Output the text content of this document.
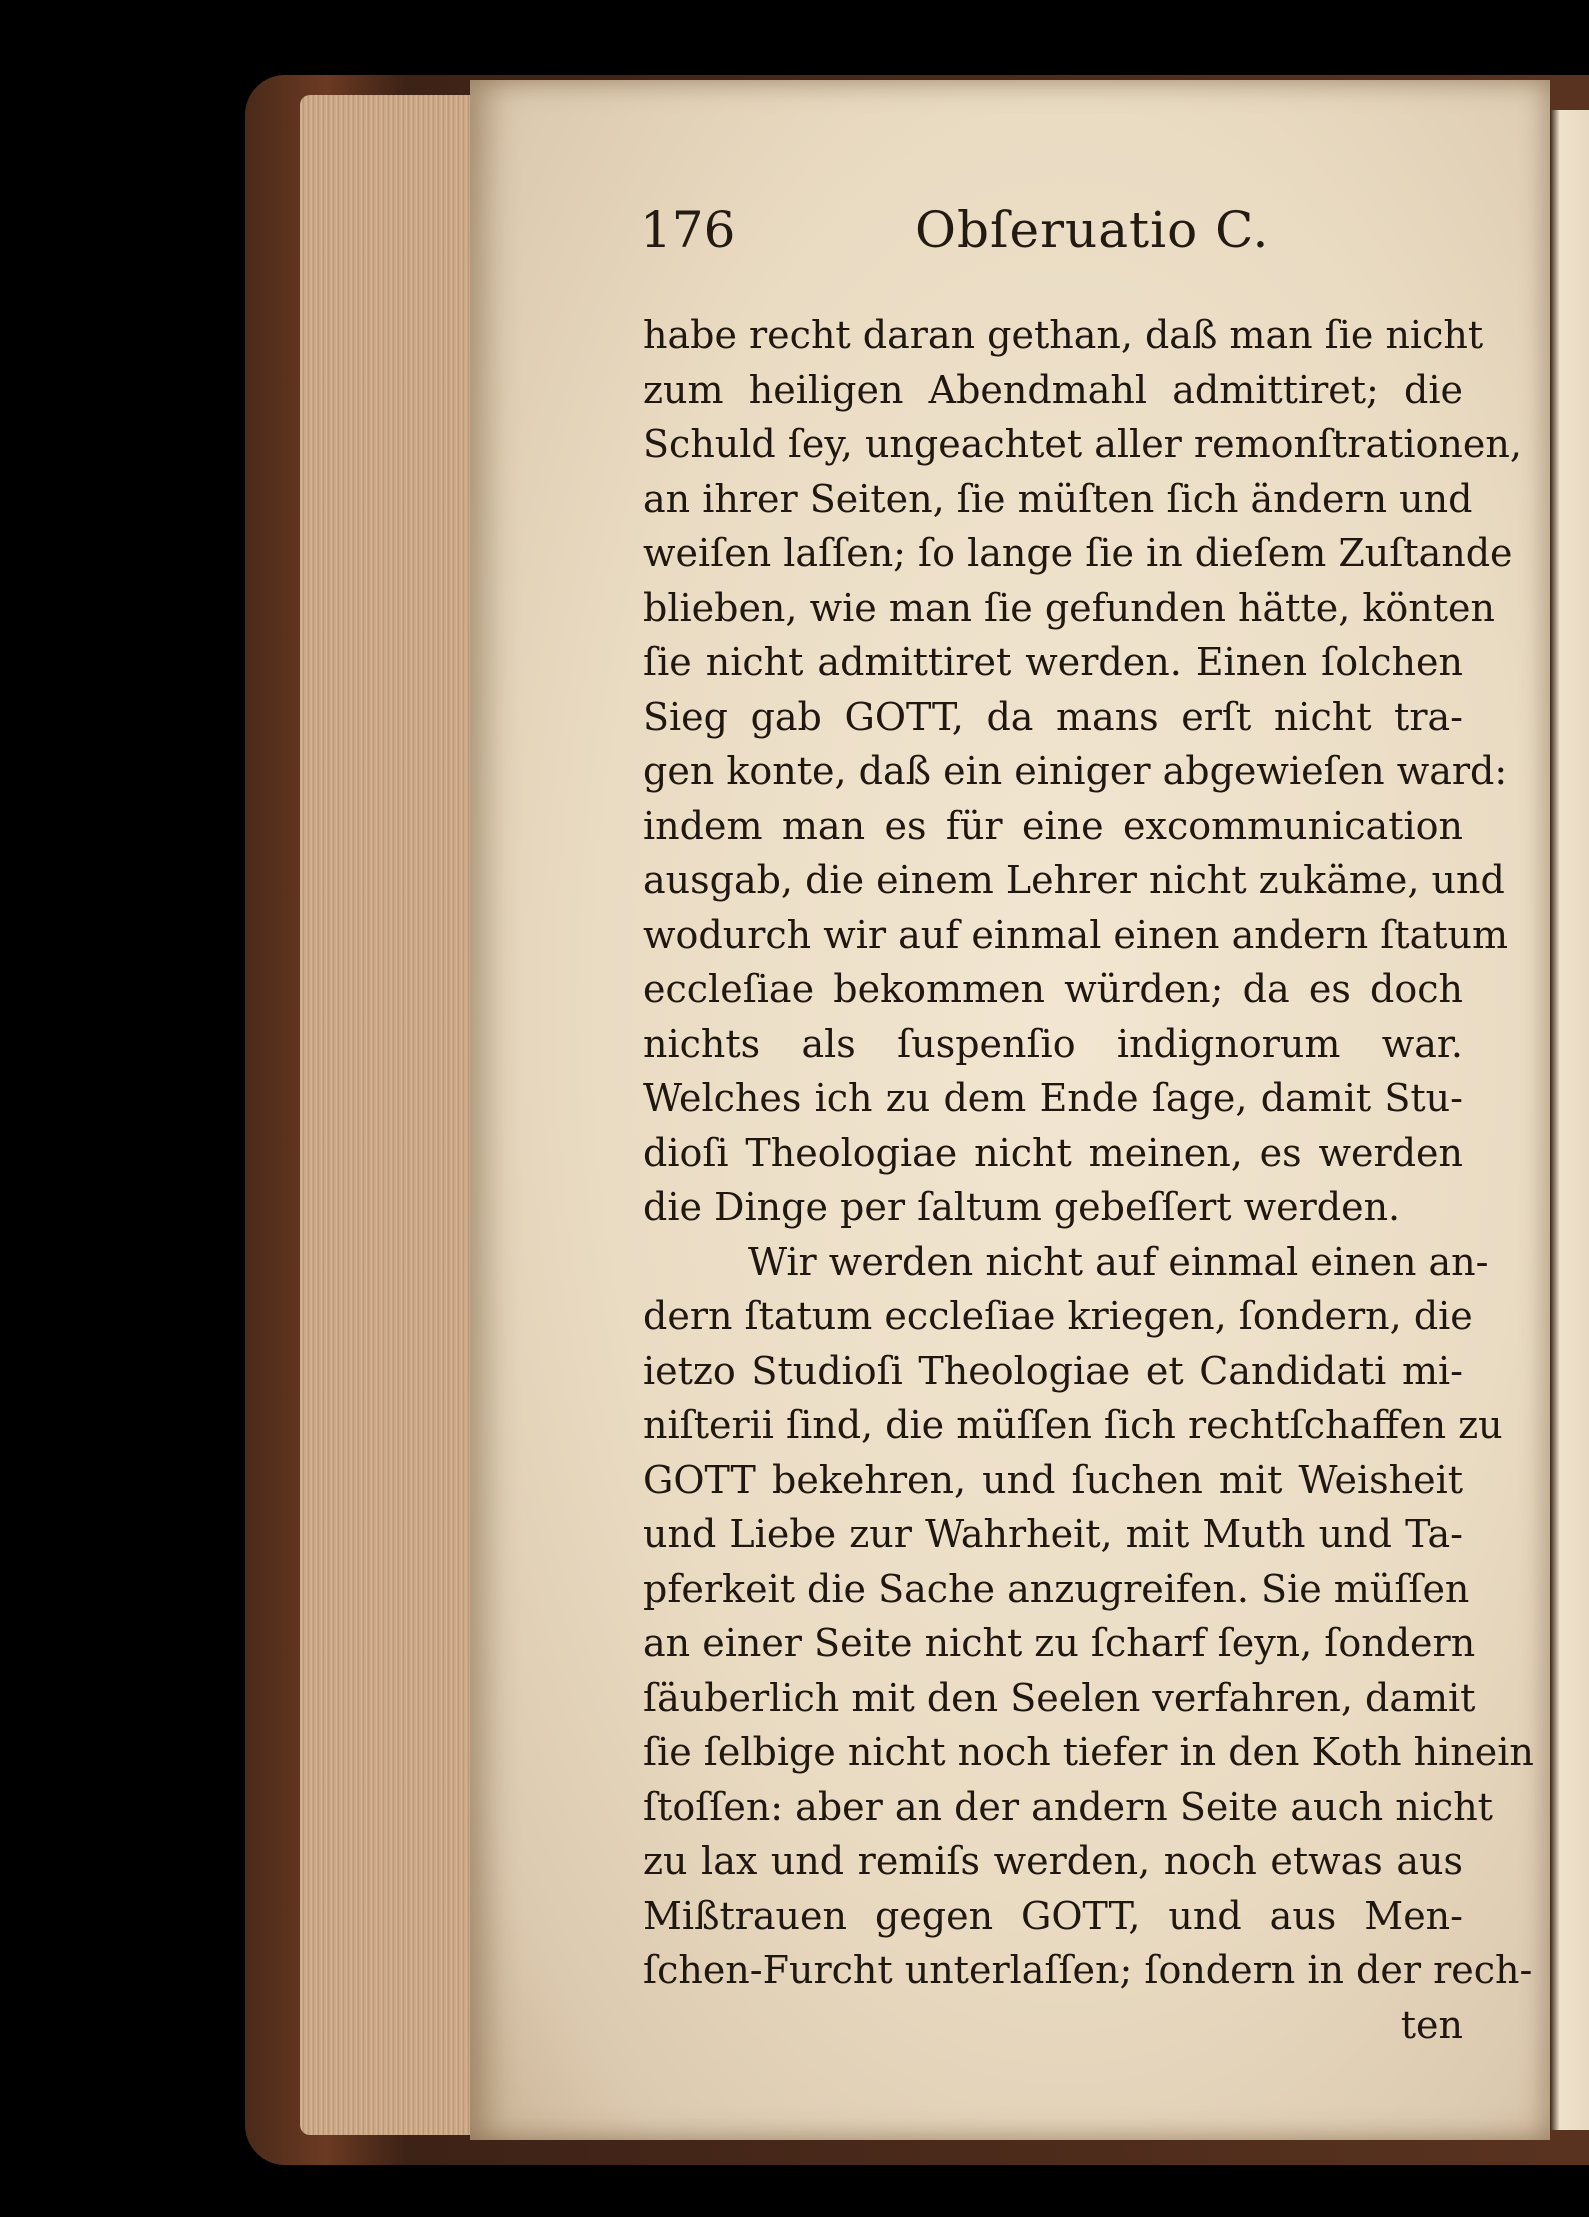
176	Obſeruatio C.
habe recht daran gethan, daß man ſie nicht
zum heiligen Abendmahl admittiret; die
Schuld ſey, ungeachtet aller remonſtrationen,
an ihrer Seiten, ſie müſten ſich ändern und
weiſen laſſen; ſo lange ſie in dieſem Zuſtande
blieben, wie man ſie gefunden hätte, könten
ſie nicht admittiret werden. Einen ſolchen
Sieg gab GOTT, da mans erſt nicht tra-
gen konte, daß ein einiger abgewieſen ward:
indem man es für eine excommunication
ausgab, die einem Lehrer nicht zukäme, und
wodurch wir auf einmal einen andern ſtatum
eccleſiae bekommen würden; da es doch
nichts als ſuspenſio indignorum war.
Welches ich zu dem Ende ſage, damit Stu-
dioſi Theologiae nicht meinen, es werden
die Dinge per ſaltum gebeſſert werden.
Wir werden nicht auf einmal einen an-
dern ſtatum eccleſiae kriegen, ſondern, die
ietzo Studioſi Theologiae et Candidati mi-
niſterii ſind, die müſſen ſich rechtſchaffen zu
GOTT bekehren, und ſuchen mit Weisheit
und Liebe zur Wahrheit, mit Muth und Ta-
pferkeit die Sache anzugreifen. Sie müſſen
an einer Seite nicht zu ſcharf ſeyn, ſondern
ſäuberlich mit den Seelen verfahren, damit
ſie ſelbige nicht noch tiefer in den Koth hinein
ſtoſſen: aber an der andern Seite auch nicht
zu lax und remiſs werden, noch etwas aus
Mißtrauen gegen GOTT, und aus Men-
ſchen-Furcht unterlaſſen; ſondern in der rech-
ten
